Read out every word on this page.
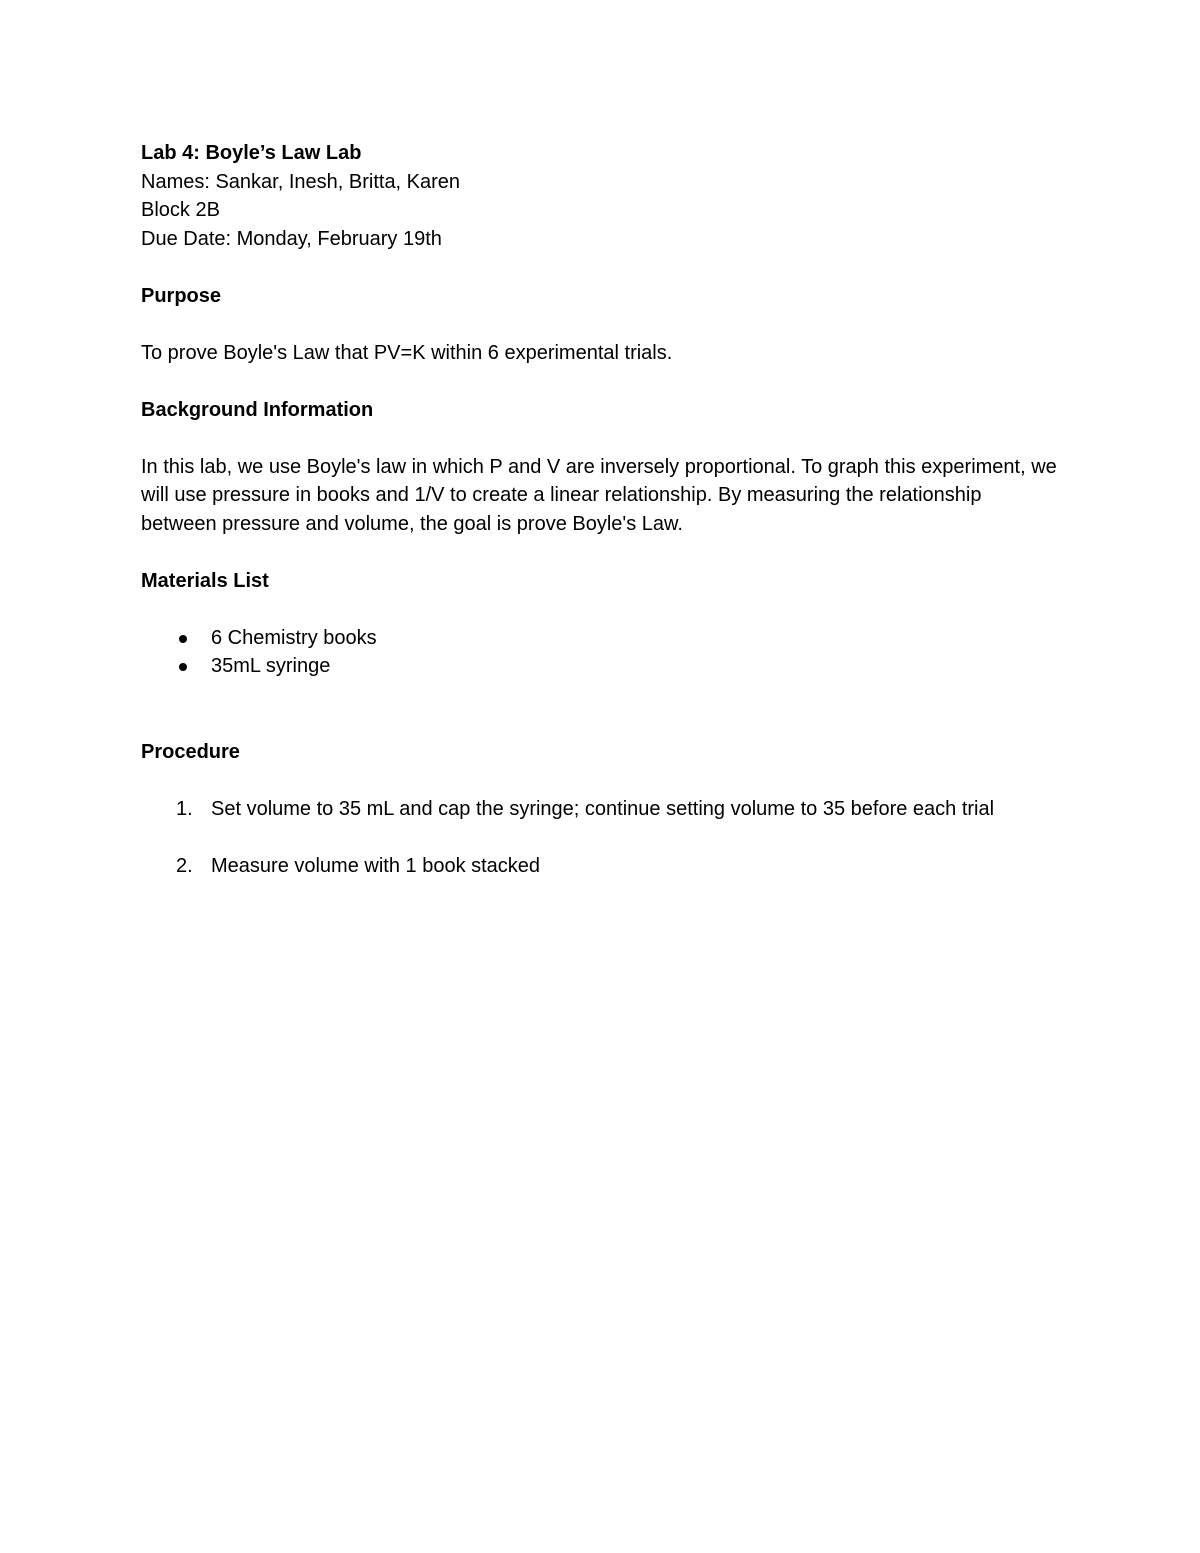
Lab 4: Boyle’s Law Lab

Names: Sankar, Inesh, Britta, Karen

Block 2B

Due Date: Monday, February 19th

Purpose

To prove Boyle's Law that PV=K within 6 experimental trials.

Background Information

In this lab, we use Boyle's law in which P and V are inversely proportional. To graph this experiment, we will use pressure in books and 1/V to create a linear relationship. By measuring the relationship between pressure and volume, the goal is prove Boyle's Law.

Materials List

6 Chemistry books
35mL syringe

Procedure

1. Set volume to 35 mL and cap the syringe; continue setting volume to 35 before each trial
2. Measure volume with 1 book stacked
